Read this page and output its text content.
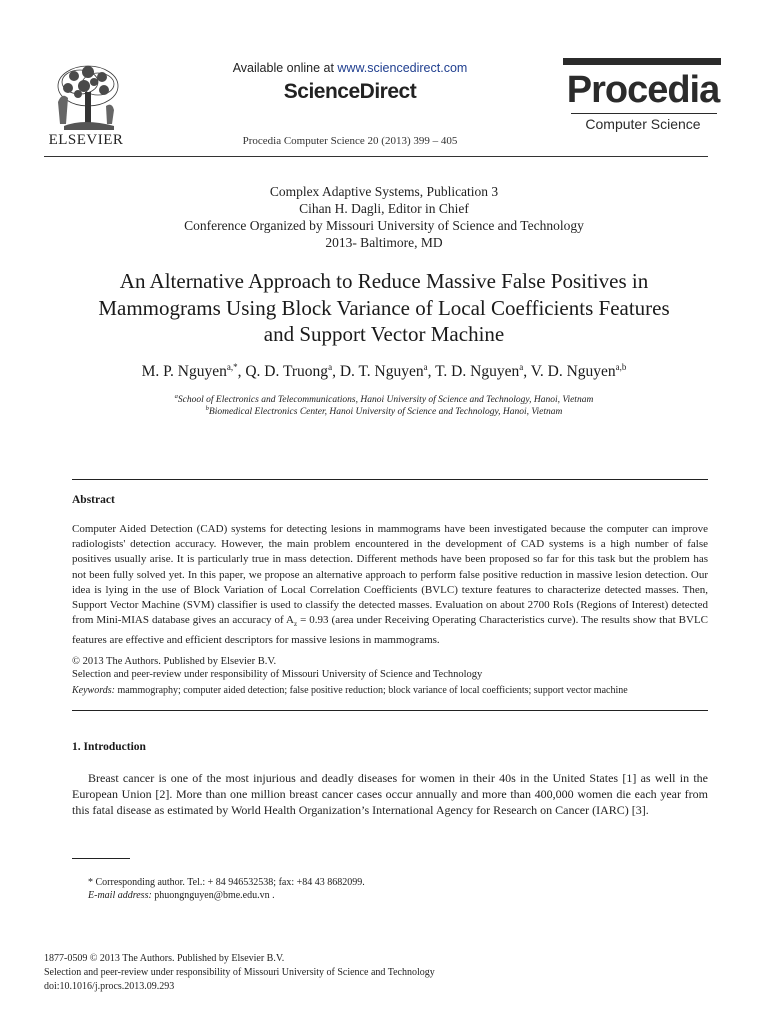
ELSEVIER
Available online at www.sciencedirect.com
ScienceDirect
Procedia Computer Science 20 (2013) 399 – 405
Procedia
Computer Science
Complex Adaptive Systems, Publication 3
Cihan H. Dagli, Editor in Chief
Conference Organized by Missouri University of Science and Technology
2013- Baltimore, MD
An Alternative Approach to Reduce Massive False Positives in
Mammograms Using Block Variance of Local Coefficients Features
and Support Vector Machine
M. P. Nguyen$^{a,*}$, Q. D. Truong$^a$, D. T. Nguyen$^a$, T. D. Nguyen$^a$, V. D. Nguyen$^{a,b}$
$^a$School of Electronics and Telecommunications, Hanoi University of Science and Technology, Hanoi, Vietnam
$^b$Biomedical Electronics Center, Hanoi University of Science and Technology, Hanoi, Vietnam
Abstract
Computer Aided Detection (CAD) systems for detecting lesions in mammograms have been investigated because the computer can improve radiologists' detection accuracy. However, the main problem encountered in the development of CAD systems is a high number of false positives usually arise. It is particularly true in mass detection. Different methods have been proposed so far for this task but the problem has not been fully solved yet. In this paper, we propose an alternative approach to perform false positive reduction in massive lesion detection. Our idea is lying in the use of Block Variation of Local Correlation Coefficients (BVLC) texture features to characterize detected masses. Then, Support Vector Machine (SVM) classifier is used to classify the detected masses. Evaluation on about 2700 RoIs (Regions of Interest) detected from Mini-MIAS database gives an accuracy of $A_z = 0.93$ (area under Receiving Operating Characteristics curve). The results show that BVLC features are effective and efficient descriptors for massive lesions in mammograms.
© 2013 The Authors. Published by Elsevier B.V.
Selection and peer-review under responsibility of Missouri University of Science and Technology
Keywords: mammography; computer aided detection; false positive reduction; block variance of local coefficients; support vector machine
1. Introduction
Breast cancer is one of the most injurious and deadly diseases for women in their 40s in the United States [1] as well in the European Union [2]. More than one million breast cancer cases occur annually and more than 400,000 women die each year from this fatal disease as estimated by World Health Organization’s International Agency for Research on Cancer (IARC) [3].
* Corresponding author. Tel.: + 84 946532538; fax: +84 43 8682099.
E-mail address: phuongnguyen@bme.edu.vn .
1877-0509 © 2013 The Authors. Published by Elsevier B.V.
Selection and peer-review under responsibility of Missouri University of Science and Technology
doi:10.1016/j.procs.2013.09.293
